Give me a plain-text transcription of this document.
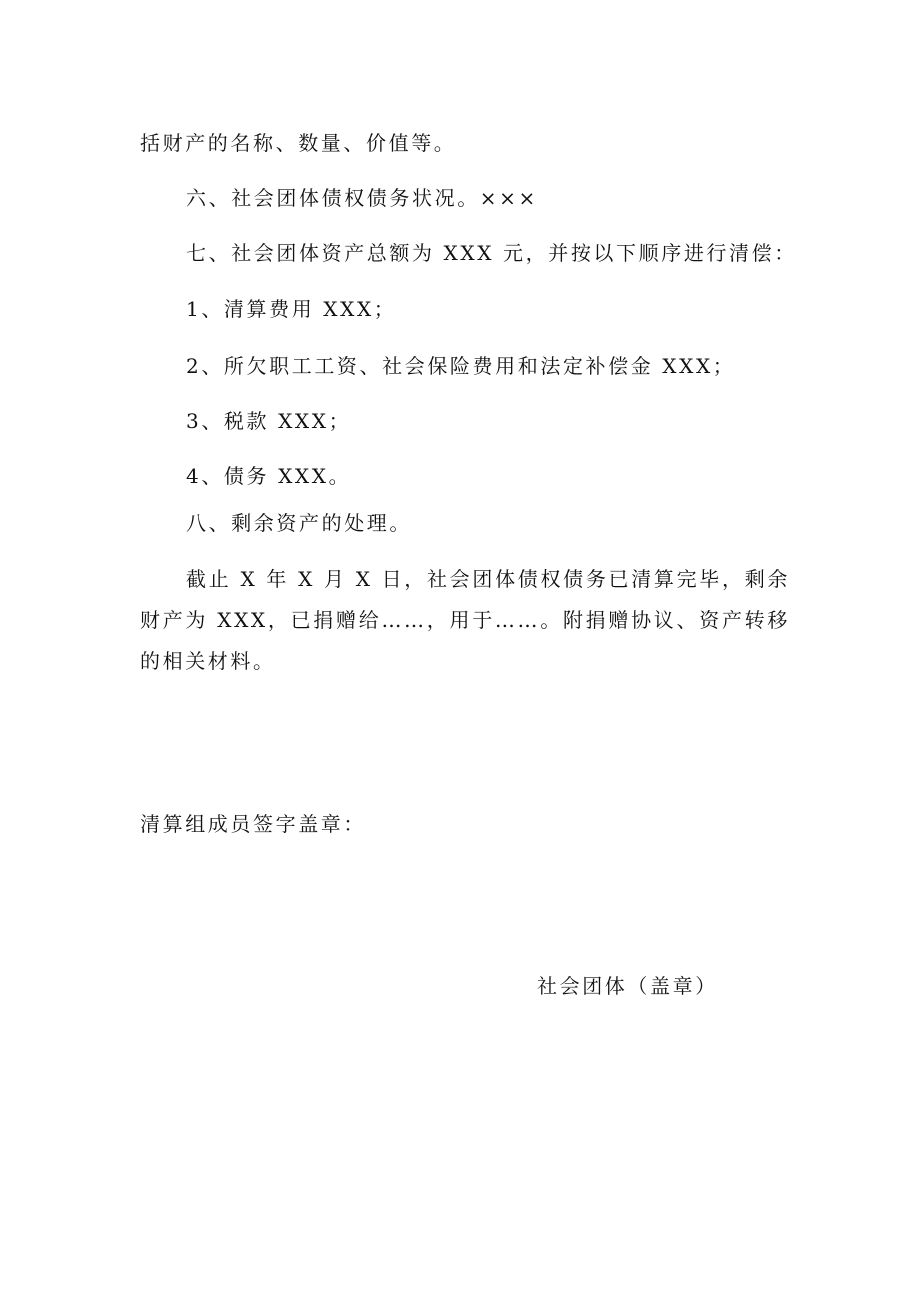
括财产的名称、数量、价值等。
六、社会团体债权债务状况。×××
七、社会团体资产总额为 XXX 元，并按以下顺序进行清偿：
1、清算费用 XXX；
2、所欠职工工资、社会保险费用和法定补偿金 XXX；
3、税款 XXX；
4、债务 XXX。
八、剩余资产的处理。
截止 X 年 X 月 X 日，社会团体债权债务已清算完毕，剩余财产为 XXX，已捐赠给……，用于……。附捐赠协议、资产转移的相关材料。
清算组成员签字盖章：
社会团体（盖章）
